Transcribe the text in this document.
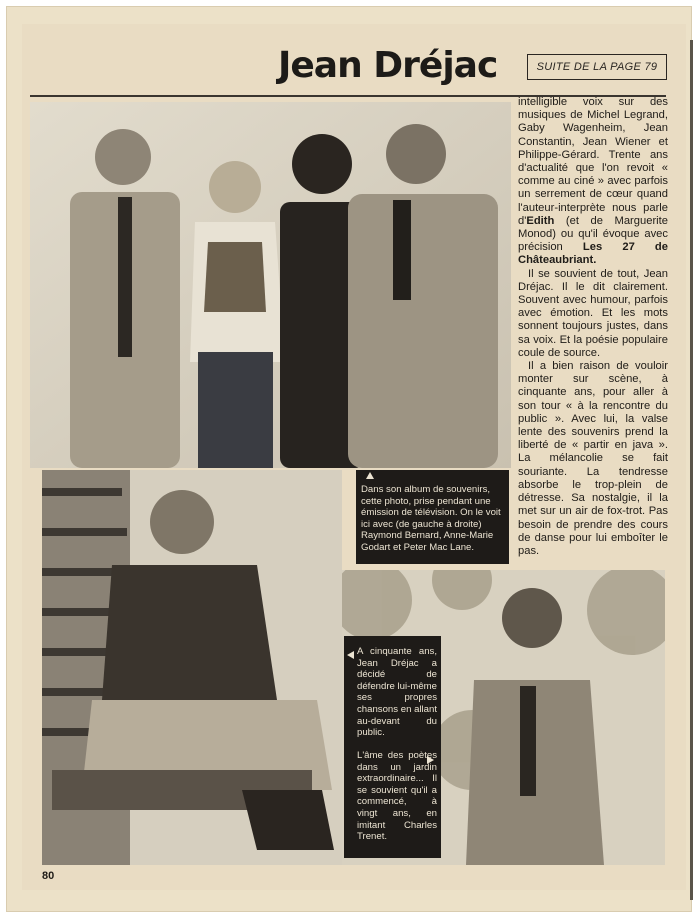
Jean Dréjac	SUITE DE LA PAGE 79
Dans son album de souvenirs, cette photo, prise pendant une émission de télévision. On le voit ici avec (de gauche à droite) Raymond Bernard, Anne-Marie Godart et Peter Mac Lane.
A cinquante ans, Jean Dréjac a décidé de défendre lui-même ses propres chansons en allant au-devant du public.
L'âme des poètes dans un jardin extraordinaire... Il se souvient qu'il a commencé, à vingt ans, en imitant Charles Trenet.

intelligible voix sur des musiques de Michel Legrand, Gaby Wagenheim, Jean Constantin, Jean Wiener et Philippe-Gérard. Trente ans d'actualité que l'on revoit « comme au ciné » avec parfois un serrement de cœur quand l'auteur-interprète nous parle d'Edith (et de Marguerite Monod) ou qu'il évoque avec précision Les 27 de Châteaubriant.

Il se souvient de tout, Jean Dréjac. Il le dit clairement. Souvent avec humour, parfois avec émotion. Et les mots sonnent toujours justes, dans sa voix. Et la poésie populaire coule de source.

Il a bien raison de vouloir monter sur scène, à cinquante ans, pour aller à son tour « à la rencontre du public ». Avec lui, la valse lente des souvenirs prend la liberté de « partir en java ». La mélancolie se fait souriante. La tendresse absorbe le trop-plein de détresse. Sa nostalgie, il la met sur un air de fox-trot. Pas besoin de prendre des cours de danse pour lui emboîter le pas.

80
